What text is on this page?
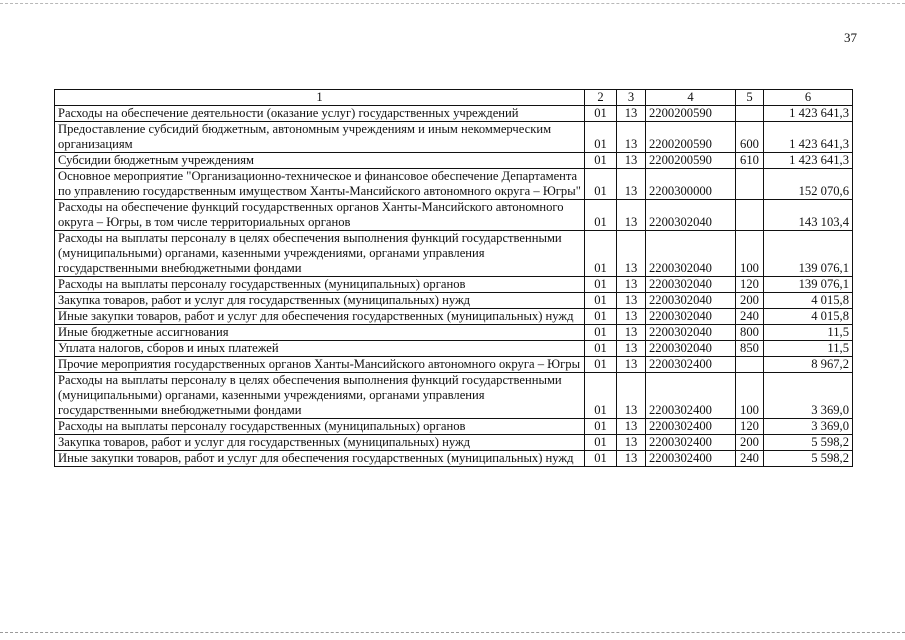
37
1	2	3	4	5	6
Расходы на обеспечение деятельности (оказание услуг) государственных учреждений	01	13	2200200590		1 423 641,3
Предоставление субсидий бюджетным, автономным учреждениям и иным некоммерческим организациям	01	13	2200200590	600	1 423 641,3
Субсидии бюджетным учреждениям	01	13	2200200590	610	1 423 641,3
Основное мероприятие "Организационно-техническое и финансовое обеспечение Департамента по управлению государственным имуществом Ханты-Мансийского автономного округа – Югры"	01	13	2200300000		152 070,6
Расходы на обеспечение функций государственных органов Ханты-Мансийского автономного округа – Югры, в том числе территориальных органов	01	13	2200302040		143 103,4
Расходы на выплаты персоналу в целях обеспечения выполнения функций государственными (муниципальными) органами, казенными учреждениями, органами управления государственными внебюджетными фондами	01	13	2200302040	100	139 076,1
Расходы на выплаты персоналу государственных (муниципальных) органов	01	13	2200302040	120	139 076,1
Закупка товаров, работ и услуг для государственных (муниципальных) нужд	01	13	2200302040	200	4 015,8
Иные закупки товаров, работ и услуг для обеспечения государственных (муниципальных) нужд	01	13	2200302040	240	4 015,8
Иные бюджетные ассигнования	01	13	2200302040	800	11,5
Уплата налогов, сборов и иных платежей	01	13	2200302040	850	11,5
Прочие мероприятия государственных органов Ханты-Мансийского автономного округа – Югры	01	13	2200302400		8 967,2
Расходы на выплаты персоналу в целях обеспечения выполнения функций государственными (муниципальными) органами, казенными учреждениями, органами управления государственными внебюджетными фондами	01	13	2200302400	100	3 369,0
Расходы на выплаты персоналу государственных (муниципальных) органов	01	13	2200302400	120	3 369,0
Закупка товаров, работ и услуг для государственных (муниципальных) нужд	01	13	2200302400	200	5 598,2
Иные закупки товаров, работ и услуг для обеспечения государственных (муниципальных) нужд	01	13	2200302400	240	5 598,2
